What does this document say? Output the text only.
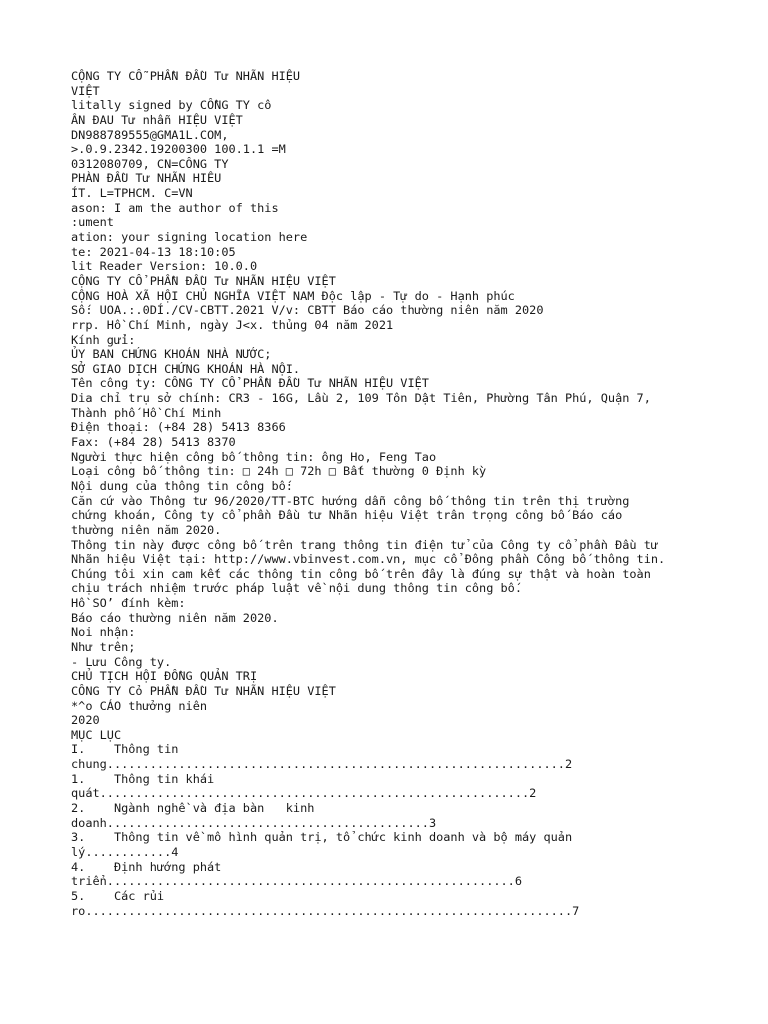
CỘNG TY CỖ PHẦN ĐẦU Tư NHÃN HIỆU
VIỆT
litally signed by CỒNG TY cô
ÂN ĐAU Tư nhẫn HIỆU VIỆT
DN988789555@GMA1L.COM,
>.0.9.2342.19200300 100.1.1 =M
0312080709, CN=CÔNG TY
PHÀN ĐẦU Tư NHÃN HIÊU
ÍT. L=TPHCM. C=VN
ason: I am the author of this
:ument
ation: your signing location here
te: 2021-04-13 18:10:05
lit Reader Version: 10.0.0
CỘNG TY CỔ PHẦN ĐẦU Tư NHÃN HIỆU VIỆT
CỘNG HOÀ XÃ HỘI CHỦ NGHĨA VIỆT NAM Độc lập - Tự do - Hạnh phúc
Số: UOA.:.0DÍ./CV-CBTT.2021 V/v: CBTT Báo cáo thường niên năm 2020
rrp. Hồ Chí Minh, ngày J<x. thủng 04 năm 2021
Kính gửi:
ỦY BAN CHỨNG KHOÁN NHÀ NƯỚC;
SỞ GIAO DỊCH CHỨNG KHOÁN HÀ NỘI.
Tên công ty: CÔNG TY CỔ PHẦN ĐẦU Tư NHÃN HIỆU VIỆT
Dia chỉ trụ sở chính: CR3 - 16G, Lầu 2, 109 Tôn Dật Tiên, Phường Tân Phú, Quận 7,
Thành phố Hồ Chí Minh
Điện thoại: (+84 28) 5413 8366
Fax: (+84 28) 5413 8370
Người thực hiện công bố thông tin: ông Ho, Feng Tao
Loại công bố thông tin: □ 24h □ 72h □ Bất thường 0 Định kỳ
Nội dung của thông tin công bố:
Căn cứ vào Thông tư 96/2020/TT-BTC hướng dẫn công bố thông tin trên thị trường
chứng khoán, Công ty cổ phần Đầu tư Nhãn hiệu Việt trân trọng công bố Báo cáo
thường niên năm 2020.
Thông tin này được công bố trên trang thông tin điện tử của Công ty cổ phần Đầu tư
Nhãn hiệu Việt tại: http://www.vbinvest.com.vn, mục cổ Đông phần Công bố thông tin.
Chúng tôi xin cam kết các thông tin công bố trên đây là đúng sự thật và hoàn toàn
chịu trách nhiệm trước pháp luật về nội dung thông tin công bố.
Hồ SO’ đính kèm:
Báo cáo thường niên năm 2020.
Noi nhận:
Như trên;
- Lưu Công ty.
CHỦ TỊCH HỘI ĐỒNG QUẢN TRỊ
CÔNG TY Cỏ PHẦN ĐẦU Tư NHÃN HIỆU VIỆT
*^o CÁO thưởng niên
2020
MỤC LỤC
I.    Thông tin
chung................................................................2
1.    Thông tin khái
quát............................................................2
2.    Ngành nghề và địa bàn   kinh
doanh.............................................3
3.    Thông tin về mô hình quản trị, tổ chức kinh doanh và bộ máy quản
lý............4
4.    Định hướng phát
triển.........................................................6
5.    Các rủi
ro....................................................................7
